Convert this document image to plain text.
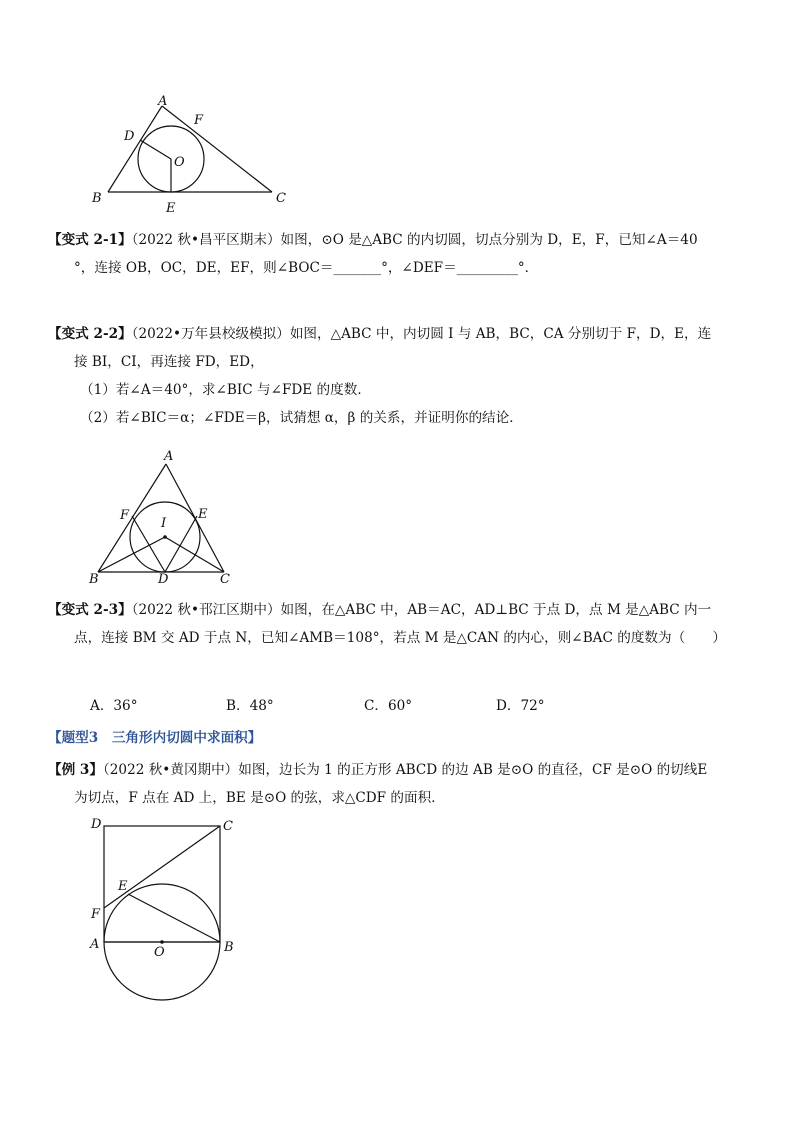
A
F
D
O
B
E
C
【变式 2-1】（2022 秋•昌平区期末）如图，⊙O 是△ABC 的内切圆，切点分别为 D，E，F，已知∠A＝40
°，连接 OB，OC，DE，EF，则∠BOC＝_______°，∠DEF＝_________°．
【变式 2-2】（2022•万年县校级模拟）如图，△ABC 中，内切圆 I 与 AB，BC，CA 分别切于 F，D，E，连
接 BI，CI，再连接 FD，ED，
（1）若∠A＝40°，求∠BIC 与∠FDE 的度数．
（2）若∠BIC＝α；∠FDE＝β，试猜想 α，β 的关系，并证明你的结论．
A
F	E
I
B	D	C
【变式 2-3】（2022 秋•邗江区期中）如图，在△ABC 中，AB＝AC，AD⊥BC 于点 D，点 M 是△ABC 内一
点，连接 BM 交 AD 于点 N，已知∠AMB＝108°，若点 M 是△CAN 的内心，则∠BAC 的度数为（　　）
A．36°	B．48°	C．60°	D．72°
【题型3　三角形内切圆中求面积】
【例 3】（2022 秋•黄冈期中）如图，边长为 1 的正方形 ABCD 的边 AB 是⊙O 的直径，CF 是⊙O 的切线E
为切点，F 点在 AD 上，BE 是⊙O 的弦，求△CDF 的面积．
D	C
E
F
A
O	B
